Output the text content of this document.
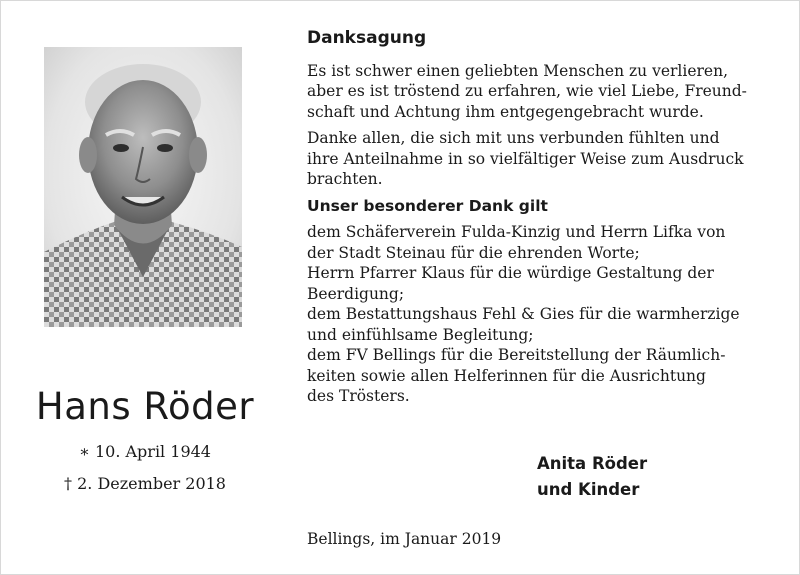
Hans Röder
∗ 10. April 1944
† 2. Dezember 2018
Danksagung
Es ist schwer einen geliebten Menschen zu verlieren,
aber es ist tröstend zu erfahren, wie viel Liebe, Freund-
schaft und Achtung ihm entgegengebracht wurde.
Danke allen, die sich mit uns verbunden fühlten und
ihre Anteilnahme in so vielfältiger Weise zum Ausdruck
brachten.
Unser besonderer Dank gilt
dem Schäferverein Fulda-Kinzig und Herrn Lifka von
der Stadt Steinau für die ehrenden Worte;
Herrn Pfarrer Klaus für die würdige Gestaltung der
Beerdigung;
dem Bestattungshaus Fehl & Gies für die warmherzige
und einfühlsame Begleitung;
dem FV Bellings für die Bereitstellung der Räumlich-
keiten sowie allen Helferinnen für die Ausrichtung
des Trösters.
Anita Röder
und Kinder
Bellings, im Januar 2019
